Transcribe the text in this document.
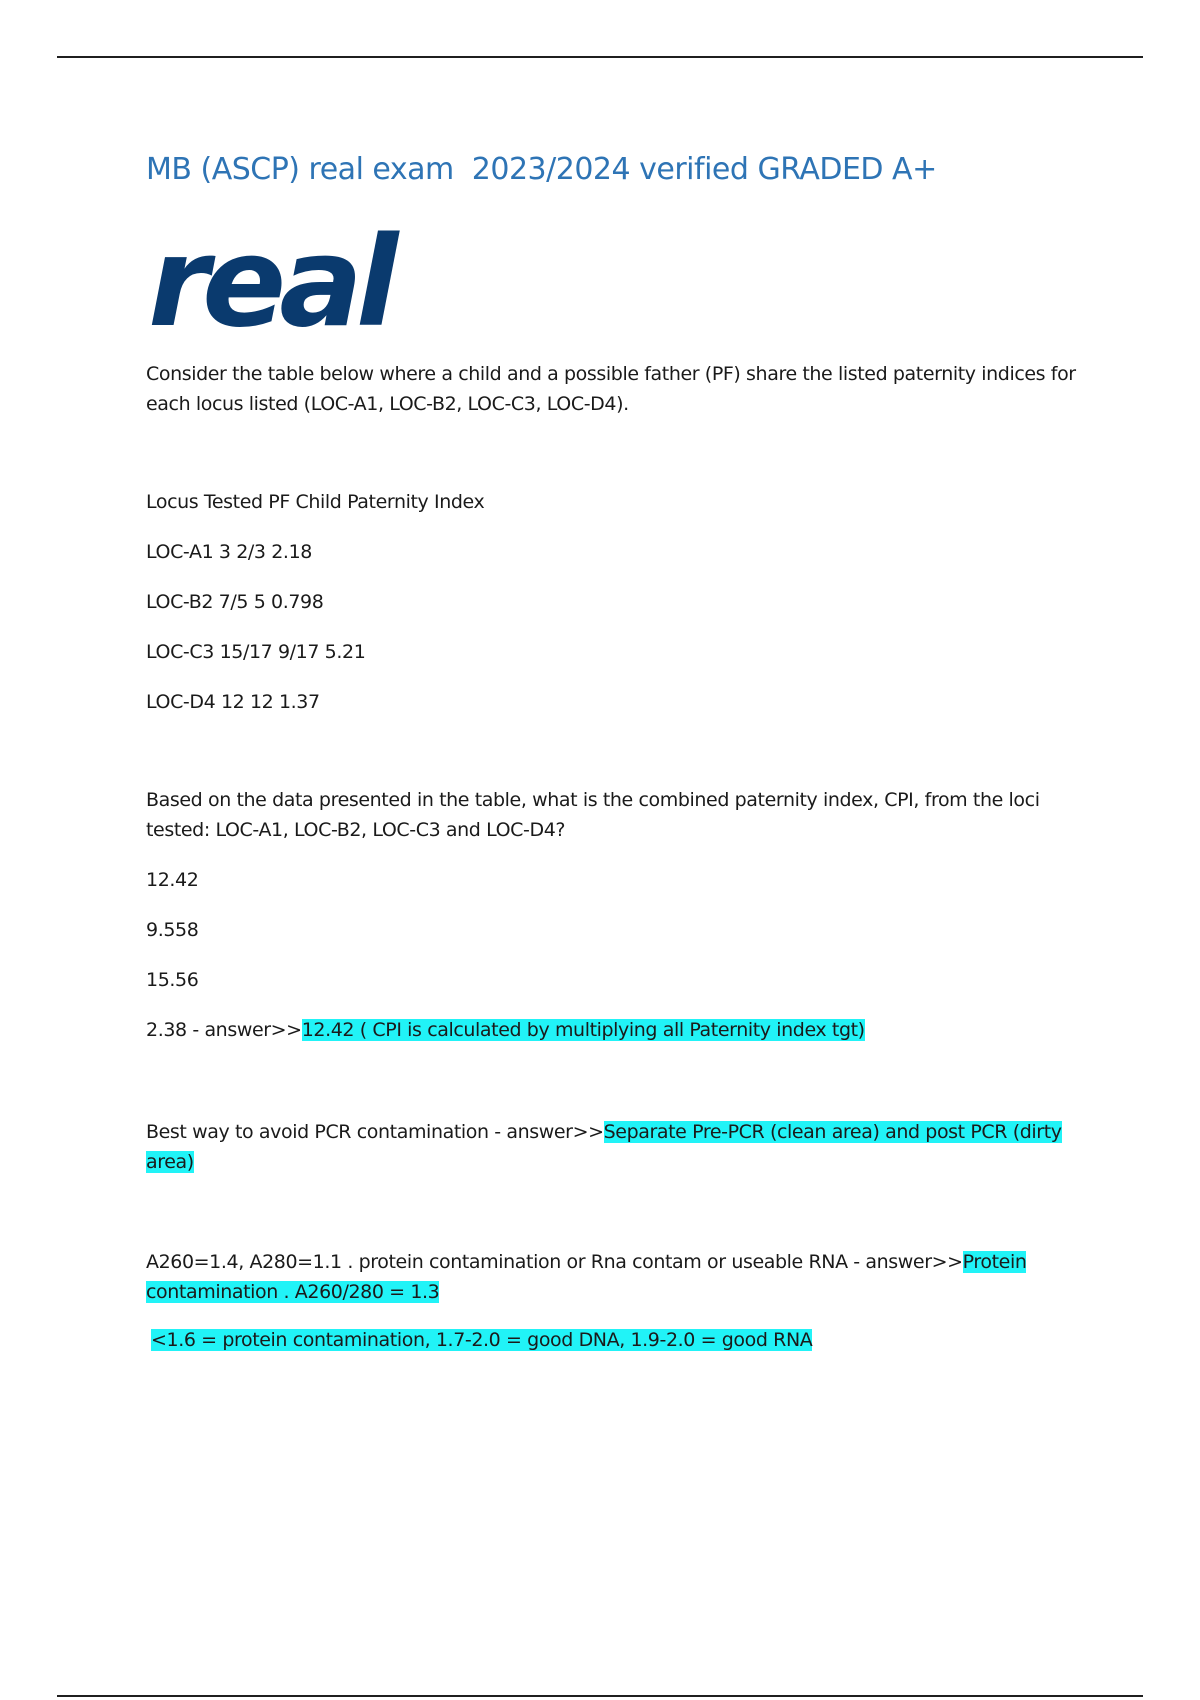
MB (ASCP) real exam  2023/2024 verified GRADED A+
real

Consider the table below where a child and a possible father (PF) share the listed paternity indices for each locus listed (LOC-A1, LOC-B2, LOC-C3, LOC-D4).

Locus Tested PF Child Paternity Index

LOC-A1 3 2/3 2.18

LOC-B2 7/5 5 0.798

LOC-C3 15/17 9/17 5.21

LOC-D4 12 12 1.37

Based on the data presented in the table, what is the combined paternity index, CPI, from the loci tested: LOC-A1, LOC-B2, LOC-C3 and LOC-D4?

12.42

9.558

15.56

2.38 - answer>>12.42 ( CPI is calculated by multiplying all Paternity index tgt)

Best way to avoid PCR contamination - answer>>Separate Pre-PCR (clean area) and post PCR (dirty area)

A260=1.4, A280=1.1 . protein contamination or Rna contam or useable RNA - answer>>Protein contamination . A260/280 = 1.3

<1.6 = protein contamination, 1.7-2.0 = good DNA, 1.9-2.0 = good RNA
